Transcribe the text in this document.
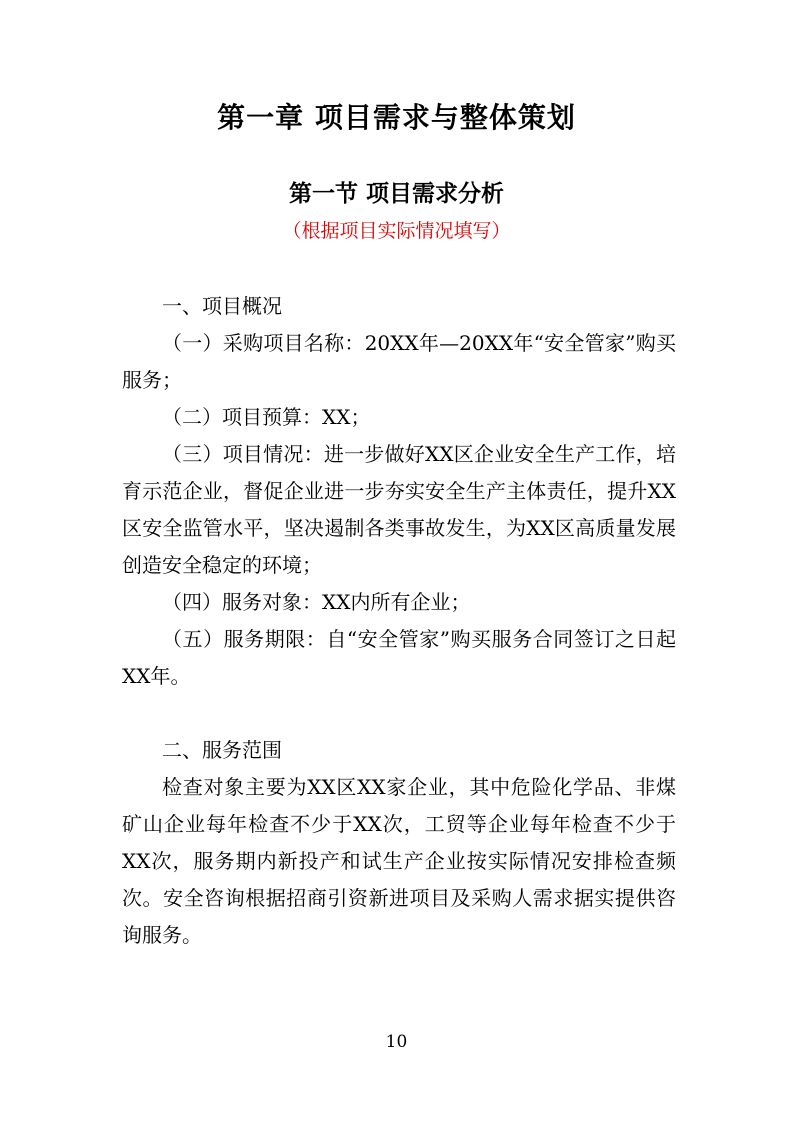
第一章 项目需求与整体策划
第一节 项目需求分析
（根据项目实际情况填写）

一、项目概况

（一）采购项目名称：20XX年—20XX年“安全管家”购买服务；

（二）项目预算：XX；

（三）项目情况：进一步做好XX区企业安全生产工作，培育示范企业，督促企业进一步夯实安全生产主体责任，提升XX区安全监管水平，坚决遏制各类事故发生，为XX区高质量发展创造安全稳定的环境；

（四）服务对象：XX内所有企业；

（五）服务期限：自“安全管家”购买服务合同签订之日起XX年。

二、服务范围

检查对象主要为XX区XX家企业，其中危险化学品、非煤矿山企业每年检查不少于XX次，工贸等企业每年检查不少于XX次，服务期内新投产和试生产企业按实际情况安排检查频次。安全咨询根据招商引资新进项目及采购人需求据实提供咨询服务。

10
